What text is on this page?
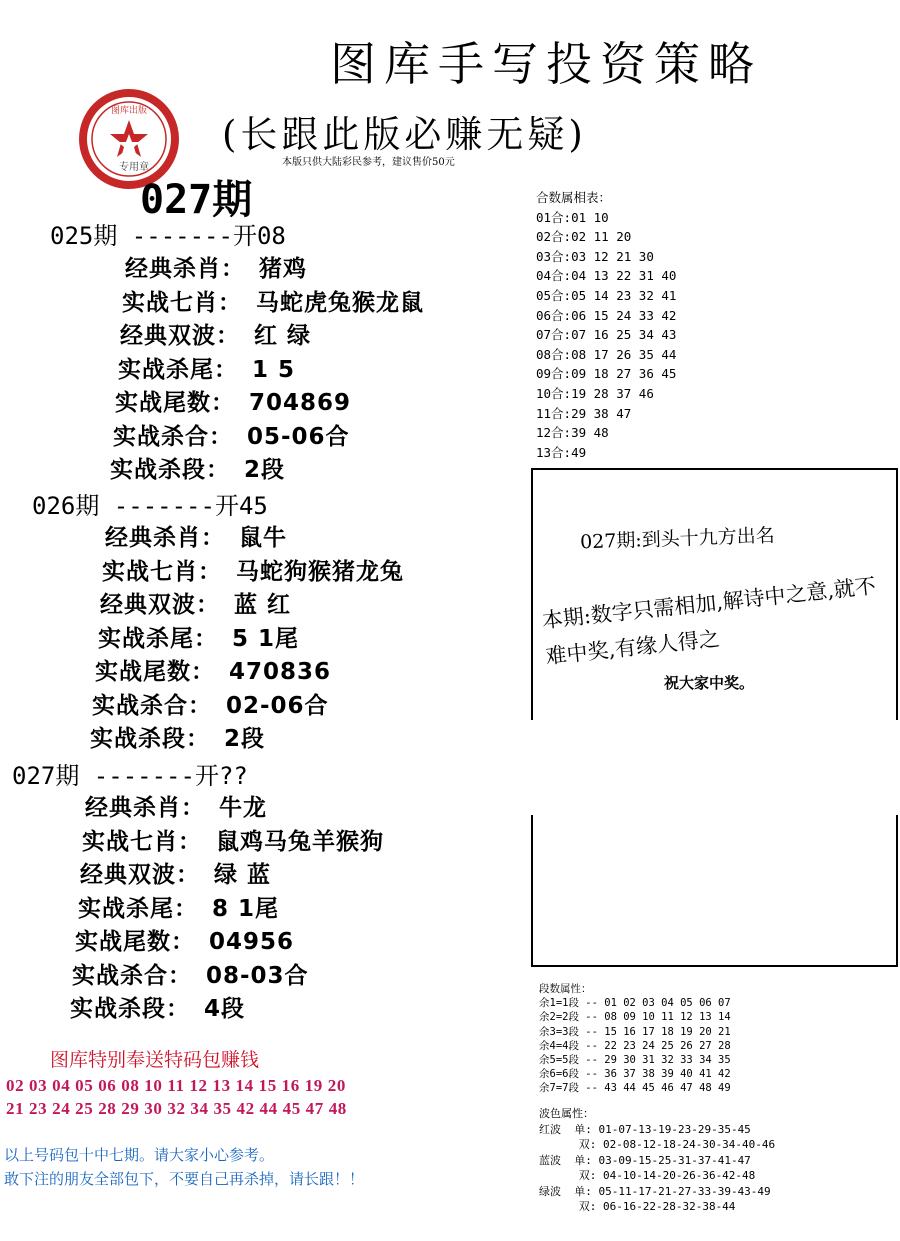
图库手写投资策略
(长跟此版必赚无疑)
本版只供大陆彩民参考，建议售价50元
图库出版
专用章
027期
025期 -------开08
经典杀肖： 猪鸡
实战七肖： 马蛇虎兔猴龙鼠
经典双波： 红 绿
实战杀尾： 1 5
实战尾数： 704869
实战杀合： 05-06合
实战杀段： 2段
026期 -------开45
经典杀肖： 鼠牛
实战七肖： 马蛇狗猴猪龙兔
经典双波： 蓝 红
实战杀尾： 5 1尾
实战尾数： 470836
实战杀合： 02-06合
实战杀段： 2段
027期 -------开??
经典杀肖： 牛龙
实战七肖： 鼠鸡马兔羊猴狗
经典双波： 绿 蓝
实战杀尾： 8 1尾
实战尾数： 04956
实战杀合： 08-03合
实战杀段： 4段
合数属相表：
01合:01 10
02合:02 11 20
03合:03 12 21 30
04合:04 13 22 31 40
05合:05 14 23 32 41
06合:06 15 24 33 42
07合:07 16 25 34 43
08合:08 17 26 35 44
09合:09 18 27 36 45
10合:19 28 37 46
11合:29 38 47
12合:39 48
13合:49
027期:到头十九方出名
本期:数字只需相加,解诗中之意,就不难中奖,有缘人得之
祝大家中奖。
段数属性：
余1=1段 -- 01 02 03 04 05 06 07
余2=2段 -- 08 09 10 11 12 13 14
余3=3段 -- 15 16 17 18 19 20 21
余4=4段 -- 22 23 24 25 26 27 28
余5=5段 -- 29 30 31 32 33 34 35
余6=6段 -- 36 37 38 39 40 41 42
余7=7段 -- 43 44 45 46 47 48 49
波色属性：
红波  单: 01-07-13-19-23-29-35-45
双: 02-08-12-18-24-30-34-40-46
蓝波  单: 03-09-15-25-31-37-41-47
双: 04-10-14-20-26-36-42-48
绿波  单: 05-11-17-21-27-33-39-43-49
双: 06-16-22-28-32-38-44
图库特别奉送特码包赚钱
02 03 04 05 06 08 10 11 12 13 14 15 16 19 20
21 23 24 25 28 29 30 32 34 35 42 44 45 47 48
以上号码包十中七期。请大家小心参考。
敢下注的朋友全部包下，不要自己再杀掉，请长跟！！
